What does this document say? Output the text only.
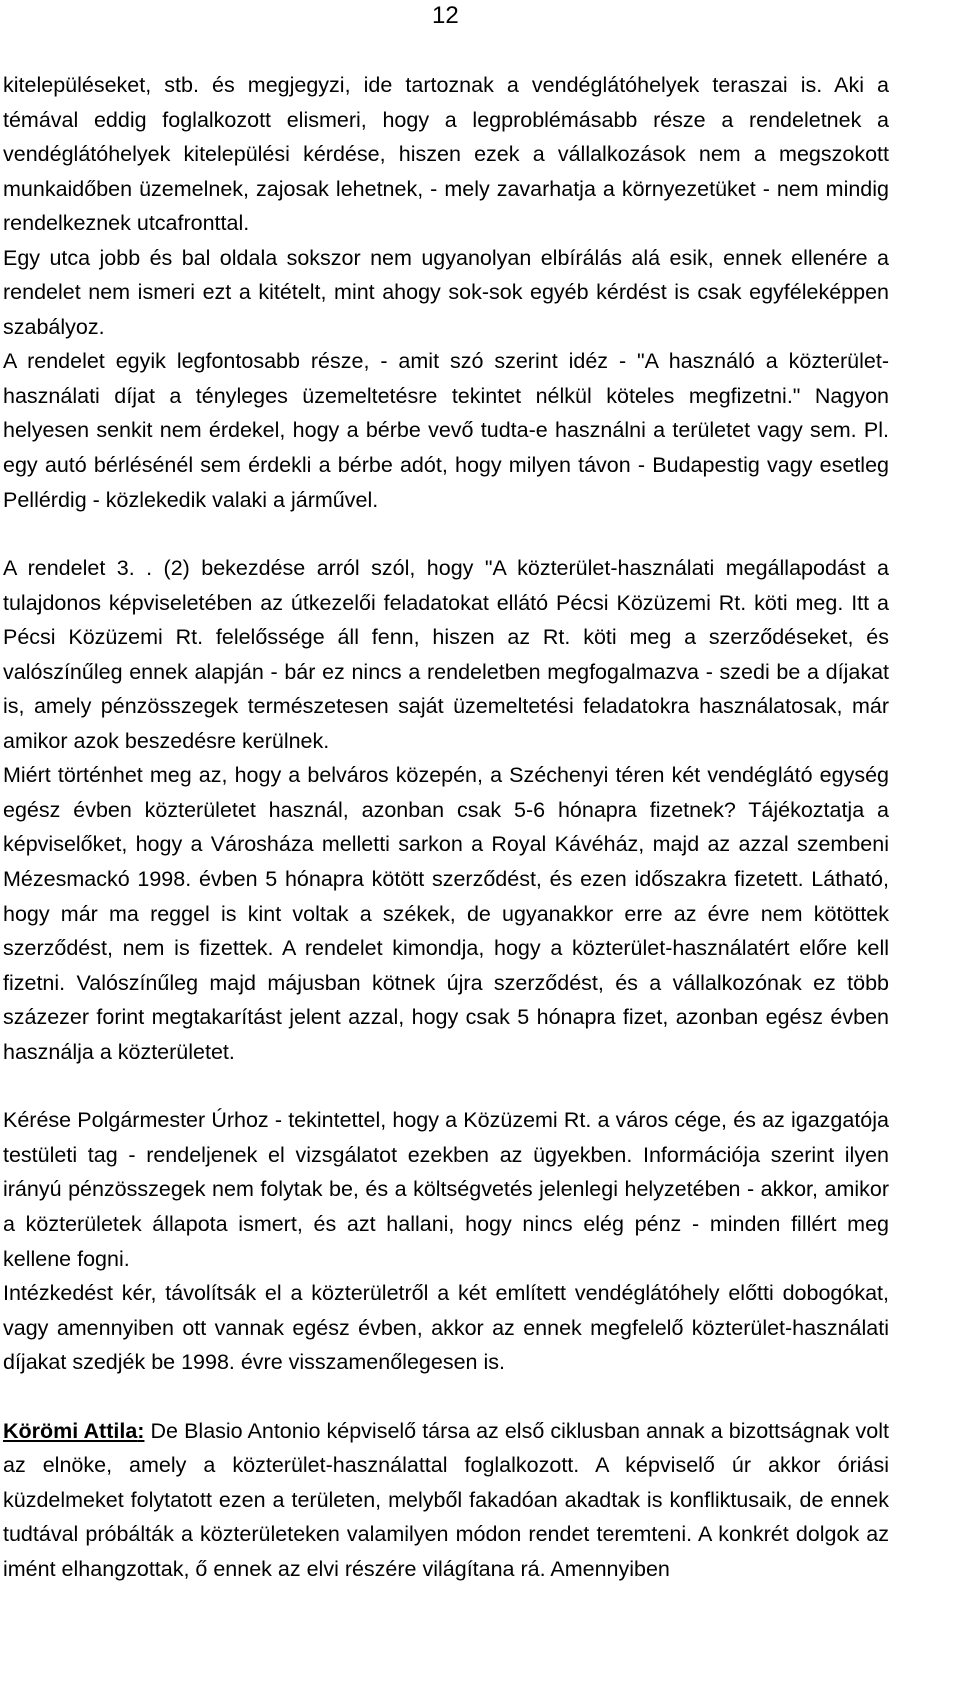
12

kitelepüléseket, stb. és megjegyzi, ide tartoznak a vendéglátóhelyek teraszai is. Aki a témával eddig foglalkozott elismeri, hogy a legproblémásabb része a rendeletnek a vendéglátóhelyek kitelepülési kérdése, hiszen ezek a vállalkozások nem a megszokott munkaidőben üzemelnek, zajosak lehetnek, - mely zavarhatja a környezetüket - nem mindig rendelkeznek utcafronttal.

Egy utca jobb és bal oldala sokszor nem ugyanolyan elbírálás alá esik, ennek ellenére a rendelet nem ismeri ezt a kitételt, mint ahogy sok-sok egyéb kérdést is csak egyféleképpen szabályoz.

A rendelet egyik legfontosabb része, - amit szó szerint idéz - "A használó a közterület-használati díjat a tényleges üzemeltetésre tekintet nélkül köteles megfizetni." Nagyon helyesen senkit nem érdekel, hogy a bérbe vevő tudta-e használni a területet vagy sem. Pl. egy autó bérlésénél sem érdekli a bérbe adót, hogy milyen távon - Budapestig vagy esetleg Pellérdig - közlekedik valaki a járművel.

A rendelet 3. . (2) bekezdése arról szól, hogy "A közterület-használati megállapodást a tulajdonos képviseletében az útkezelői feladatokat ellátó Pécsi Közüzemi Rt. köti meg. Itt a Pécsi Közüzemi Rt. felelőssége áll fenn, hiszen az Rt. köti meg a szerződéseket, és valószínűleg ennek alapján - bár ez nincs a rendeletben megfogalmazva - szedi be a díjakat is, amely pénzösszegek természetesen saját üzemeltetési feladatokra használatosak, már amikor azok beszedésre kerülnek.

Miért történhet meg az, hogy a belváros közepén, a Széchenyi téren két vendéglátó egység egész évben közterületet használ, azonban csak 5-6 hónapra fizetnek? Tájékoztatja a képviselőket, hogy a Városháza melletti sarkon a Royal Kávéház, majd az azzal szembeni Mézesmackó 1998. évben 5 hónapra kötött szerződést, és ezen időszakra fizetett. Látható, hogy már ma reggel is kint voltak a székek, de ugyanakkor erre az évre nem kötöttek szerződést, nem is fizettek. A rendelet kimondja, hogy a közterület-használatért előre kell fizetni. Valószínűleg majd májusban kötnek újra szerződést, és a vállalkozónak ez több százezer forint megtakarítást jelent azzal, hogy csak 5 hónapra fizet, azonban egész évben használja a közterületet.

Kérése Polgármester Úrhoz - tekintettel, hogy a Közüzemi Rt. a város cége, és az igazgatója testületi tag - rendeljenek el vizsgálatot ezekben az ügyekben. Információja szerint ilyen irányú pénzösszegek nem folytak be, és a költségvetés jelenlegi helyzetében - akkor, amikor a közterületek állapota ismert, és azt hallani, hogy nincs elég pénz - minden fillért meg kellene fogni.

Intézkedést kér, távolítsák el a közterületről a két említett vendéglátóhely előtti dobogókat, vagy amennyiben ott vannak egész évben, akkor az ennek megfelelő közterület-használati díjakat szedjék be 1998. évre visszamenőlegesen is.

Körömi Attila: De Blasio Antonio képviselő társa az első ciklusban annak a bizottságnak volt az elnöke, amely a közterület-használattal foglalkozott. A képviselő úr akkor óriási küzdelmeket folytatott ezen a területen, melyből fakadóan akadtak is konfliktusaik, de ennek tudtával próbálták a közterületeken valamilyen módon rendet teremteni. A konkrét dolgok az imént elhangzottak, ő ennek az elvi részére világítana rá. Amennyiben
